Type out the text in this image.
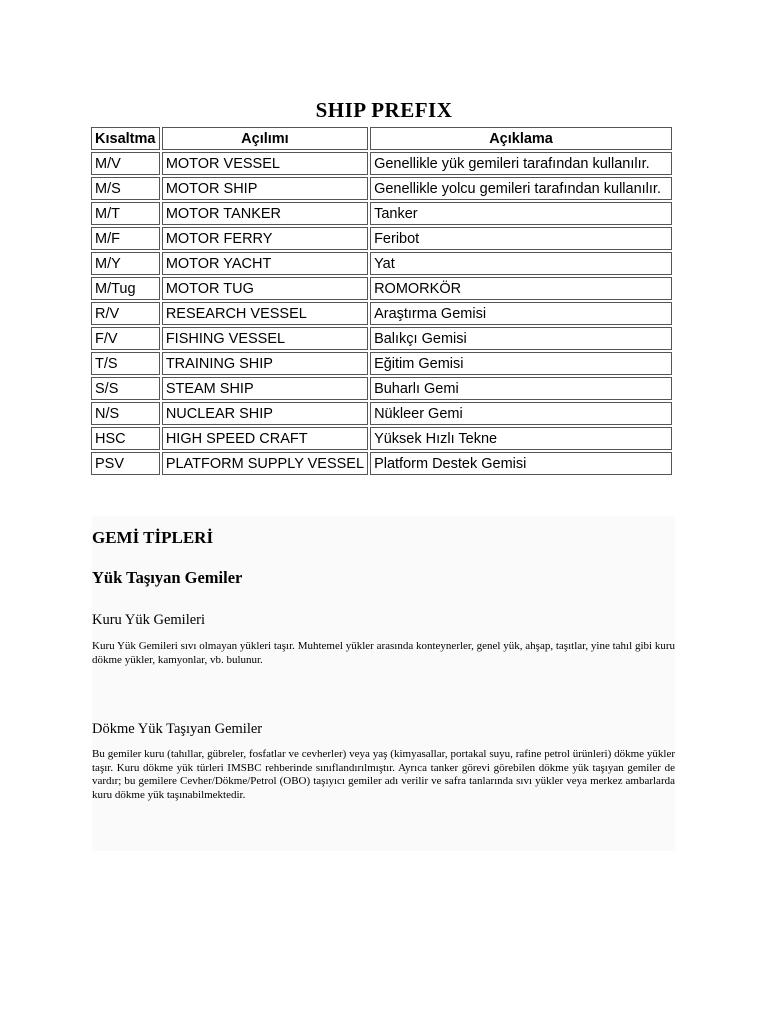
SHIP PREFIX
Kısaltma	Açılımı	Açıklama
M/V	MOTOR VESSEL	Genellikle yük gemileri tarafından kullanılır.
M/S	MOTOR SHIP	Genellikle yolcu gemileri tarafından kullanılır.
M/T	MOTOR TANKER	Tanker
M/F	MOTOR FERRY	Feribot
M/Y	MOTOR YACHT	Yat
M/Tug	MOTOR TUG	ROMORKÖR
R/V	RESEARCH VESSEL	Araştırma Gemisi
F/V	FISHING VESSEL	Balıkçı Gemisi
T/S	TRAINING SHIP	Eğitim Gemisi
S/S	STEAM SHIP	Buharlı Gemi
N/S	NUCLEAR SHIP	Nükleer Gemi
HSC	HIGH SPEED CRAFT	Yüksek Hızlı Tekne
PSV	PLATFORM SUPPLY VESSEL	Platform Destek Gemisi
GEMİ TİPLERİ
Yük Taşıyan Gemiler
Kuru Yük Gemileri

Kuru Yük Gemileri sıvı olmayan yükleri taşır. Muhtemel yükler arasında konteynerler, genel yük, ahşap, taşıtlar, yine tahıl gibi kuru dökme yükler, kamyonlar, vb. bulunur.

Dökme Yük Taşıyan Gemiler

Bu gemiler kuru (tahıllar, gübreler, fosfatlar ve cevherler) veya yaş (kimyasallar, portakal suyu, rafine petrol ürünleri) dökme yükler taşır. Kuru dökme yük türleri IMSBC rehberinde sınıflandırılmıştır. Ayrıca tanker görevi görebilen dökme yük taşıyan gemiler de vardır; bu gemilere Cevher/Dökme/Petrol (OBO) taşıyıcı gemiler adı verilir ve safra tanlarında sıvı yükler veya merkez ambarlarda kuru dökme yük taşınabilmektedir.
